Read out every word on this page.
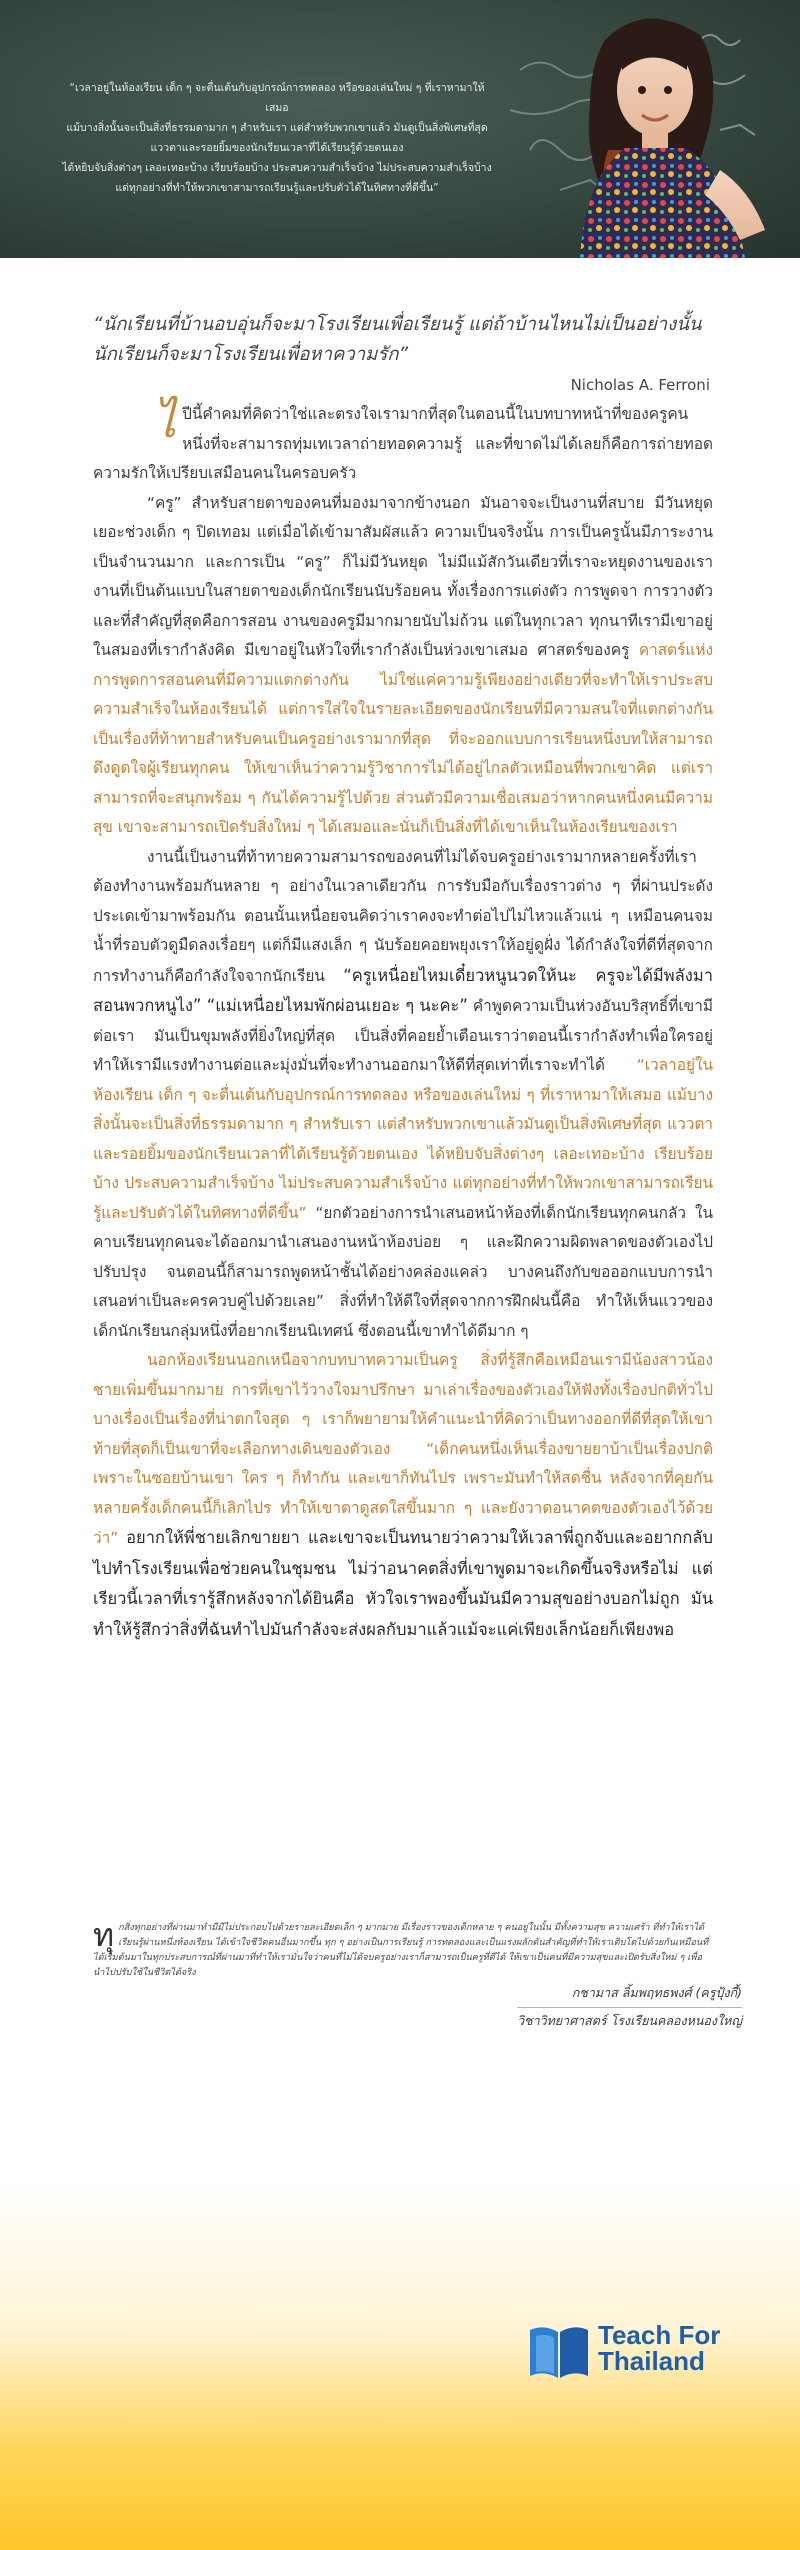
“เวลาอยู่ในห้องเรียน เด็ก ๆ จะตื่นเต้นกับอุปกรณ์การทดลอง หรือของเล่นใหม่ ๆ ที่เราหามาให้เสมอ
แม้บางสิ่งนั้นจะเป็นสิ่งที่ธรรมดามาก ๆ สำหรับเรา แต่สำหรับพวกเขาแล้ว มันดูเป็นสิ่งพิเศษที่สุด
แววตาและรอยยิ้มของนักเรียนเวลาที่ได้เรียนรู้ด้วยตนเอง
ได้หยิบจับสิ่งต่างๆ เลอะเทอะบ้าง เรียบร้อยบ้าง ประสบความสำเร็จบ้าง ไม่ประสบความสำเร็จบ้าง
แต่ทุกอย่างที่ทำให้พวกเขาสามารถเรียนรู้และปรับตัวได้ในทิศทางที่ดีขึ้น”
“นักเรียนที่บ้านอบอุ่นก็จะมาโรงเรียนเพื่อเรียนรู้ แต่ถ้าบ้านไหนไม่เป็นอย่างนั้น
นักเรียนก็จะมาโรงเรียนเพื่อหาความรัก”
Nicholas A. Ferroni

ไปีนี้คำคมที่คิดว่าใช่และตรงใจเรามากที่สุดในตอนนี้ในบทบาทหน้าที่ของครูคนหนึ่งที่จะสามารถทุ่มเทเวลาถ่ายทอดความรู้ และที่ขาดไม่ได้เลยก็คือการถ่ายทอดความรักให้เปรียบเสมือนคนในครอบครัว

“ครู” สำหรับสายตาของคนที่มองมาจากข้างนอก มันอาจจะเป็นงานที่สบาย มีวันหยุดเยอะช่วงเด็ก ๆ ปิดเทอม แต่เมื่อได้เข้ามาสัมผัสแล้ว ความเป็นจริงนั้น การเป็นครูนั้นมีภาระงานเป็นจำนวนมาก และการเป็น “ครู” ก็ไม่มีวันหยุด ไม่มีแม้สักวันเดียวที่เราจะหยุดงานของเรา งานที่เป็นต้นแบบในสายตาของเด็กนักเรียนนับร้อยคน ทั้งเรื่องการแต่งตัว การพูดจา การวางตัว และที่สำคัญที่สุดคือการสอน งานของครูมีมากมายนับไม่ถ้วน แต่ในทุกเวลา ทุกนาทีเรามีเขาอยู่ในสมองที่เรากำลังคิด มีเขาอยู่ในหัวใจที่เรากำลังเป็นห่วงเขาเสมอ ศาสตร์ของครู คาสตร์แห่งการพูดการสอนคนที่มีความแตกต่างกัน ไม่ใช่แค่ความรู้เพียงอย่างเดียวที่จะทำให้เราประสบความสำเร็จในห้องเรียนได้ แต่การใส่ใจในรายละเอียดของนักเรียนที่มีความสนใจที่แตกต่างกันเป็นเรื่องที่ท้าทายสำหรับคนเป็นครูอย่างเรามากที่สุด ที่จะออกแบบการเรียนหนึ่งบทให้สามารถดึงดูดใจผู้เรียนทุกคน ให้เขาเห็นว่าความรู้วิชาการไม่ได้อยู่ไกลตัวเหมือนที่พวกเขาคิด แต่เราสามารถที่จะสนุกพร้อม ๆ กันได้ความรู้ไปด้วย ส่วนตัวมีความเชื่อเสมอว่าหากคนหนึ่งคนมีความสุข เขาจะสามารถเปิดรับสิ่งใหม่ ๆ ได้เสมอและนั่นก็เป็นสิ่งที่ได้เขาเห็นในห้องเรียนของเรา

งานนี้เป็นงานที่ท้าทายความสามารถของคนที่ไม่ได้จบครูอย่างเรามากหลายครั้งที่เราต้องทำงานพร้อมกันหลาย ๆ อย่างในเวลาเดียวกัน การรับมือกับเรื่องราวต่าง ๆ ที่ผ่านประดังประเดเข้ามาพร้อมกัน ตอนนั้นเหนื่อยจนคิดว่าเราคงจะทำต่อไปไม่ไหวแล้วแน่ ๆ เหมือนคนจมน้ำที่รอบตัวดูมืดลงเรื่อยๆ แต่ก็มีแสงเล็ก ๆ นับร้อยคอยพยุงเราให้อยู่ดูฝั่ง ได้กำลังใจที่ดีที่สุดจากการทำงานก็คือกำลังใจจากนักเรียน “ครูเหนื่อยไหมเดี๋ยวหนูนวดให้นะ ครูจะได้มีพลังมาสอนพวกหนูไง” “แม่เหนื่อยไหมพักผ่อนเยอะ ๆ นะคะ” คำพูดความเป็นห่วงอันบริสุทธิ์ที่เขามีต่อเรา มันเป็นขุมพลังที่ยิ่งใหญ่ที่สุด เป็นสิ่งที่คอยย้ำเตือนเราว่าตอนนี้เรากำลังทำเพื่อใครอยู่ ทำให้เรามีแรงทำงานต่อและมุ่งมั่นที่จะทำงานออกมาให้ดีที่สุดเท่าที่เราจะทำได้ “เวลาอยู่ในห้องเรียน เด็ก ๆ จะตื่นเต้นกับอุปกรณ์การทดลอง หรือของเล่นใหม่ ๆ ที่เราหามาให้เสมอ แม้บางสิ่งนั้นจะเป็นสิ่งที่ธรรมดามาก ๆ สำหรับเรา แต่สำหรับพวกเขาแล้วมันดูเป็นสิ่งพิเศษที่สุด แววตาและรอยยิ้มของนักเรียนเวลาที่ได้เรียนรู้ด้วยตนเอง ได้หยิบจับสิ่งต่างๆ เลอะเทอะบ้าง เรียบร้อยบ้าง ประสบความสำเร็จบ้าง ไม่ประสบความสำเร็จบ้าง แต่ทุกอย่างที่ทำให้พวกเขาสามารถเรียนรู้และปรับตัวได้ในทิศทางที่ดีขึ้น” “ยกตัวอย่างการนำเสนอหน้าห้องที่เด็กนักเรียนทุกคนกลัว ในคาบเรียนทุกคนจะได้ออกมานำเสนองานหน้าห้องบ่อย ๆ และฝึกความผิดพลาดของตัวเองไปปรับปรุง จนตอนนี้ก็สามารถพูดหน้าชั้นได้อย่างคล่องแคล่ว บางคนถึงกับขอออกแบบการนำเสนอท่าเป็นละครควบคู่ไปด้วยเลย” สิ่งที่ทำให้ดีใจที่สุดจากการฝึกฝนนี้คือ ทำให้เห็นแววของเด็กนักเรียนกลุ่มหนึ่งที่อยากเรียนนิเทศน์ ซึ่งตอนนี้เขาทำได้ดีมาก ๆ

นอกห้องเรียนนอกเหนือจากบทบาทความเป็นครู สิ่งที่รู้สึกคือเหมือนเรามีน้องสาวน้องชายเพิ่มขึ้นมากมาย การที่เขาไว้วางใจมาปรึกษา มาเล่าเรื่องของตัวเองให้ฟังทั้งเรื่องปกติทั่วไป บางเรื่องเป็นเรื่องที่น่าตกใจสุด ๆ เราก็พยายามให้คำแนะนำที่คิดว่าเป็นทางออกที่ดีที่สุดให้เขา ท้ายที่สุดก็เป็นเขาที่จะเลือกทางเดินของตัวเอง “เด็กคนหนึ่งเห็นเรื่องขายยาบ้าเป็นเรื่องปกติ เพราะในซอยบ้านเขา ใคร ๆ ก็ทำกัน และเขาก็ทันไปร เพราะมันทำให้สดชื่น หลังจากที่คุยกันหลายครั้งเด็กคนนี้ก็เลิกไปร ทำให้เขาตาดูสดใสขึ้นมาก ๆ และยังวาดอนาคตของตัวเองไว้ด้วยว่า” อยากให้พี่ชายเลิกขายยา และเขาจะเป็นทนายว่าความให้เวลาพี่ถูกจับและอยากกลับไปทำโรงเรียนเพื่อช่วยคนในชุมชน ไม่ว่าอนาคตสิ่งที่เขาพูดมาจะเกิดขึ้นจริงหรือไม่ แต่เรียวนี้เวลาที่เรารู้สึกหลังจากได้ยินคือ หัวใจเราพองขึ้นมันมีความสุขอย่างบอกไม่ถูก มันทำให้รู้สึกว่าสิ่งที่ฉันทำไปมันกำลังจะส่งผลกับมาแล้วแม้จะแค่เพียงเล็กน้อยก็เพียงพอ

ทุกสิ่งทุกอย่างที่ผ่านมาทำมีมีไม่ประกอบไปด้วยรายละเอียดเล็ก ๆ มากมาย มีเรื่องราวของเด็กหลาย ๆ คนอยู่ในนั้น มีทั้งความสุข ความเศร้า ที่ทำให้เราได้เรียนรู้ผ่านหนึ่งห้องเรียน ได้เข้าใจชีวิตคนอื่นมากขึ้น ทุก ๆ อย่างเป็นการเรียนรู้ การทดลองและเป็นแรงผลักดันสำคัญที่ทำให้เราเติบโตไปด้วยกันเหมือนที่ได้เริ่มต้นมาในทุกประสบการณ์ที่ผ่านมาที่ทำให้เรามั่นใจว่าคนที่ไม่ได้จบครูอย่างเราก็สามารถเป็นครูที่ดีได้ ให้เขาเป็นคนที่มีความสุขและเปิดรับสิ่งใหม่ ๆ เพื่อนำไปปรับใช้ในชีวิตได้จริง
กชามาส ลิ้มพฤทธพงศ์ (ครูปุ้งกี้)
วิชาวิทยาศาสตร์ โรงเรียนคลองหนองใหญ่
Teach For
Thailand
